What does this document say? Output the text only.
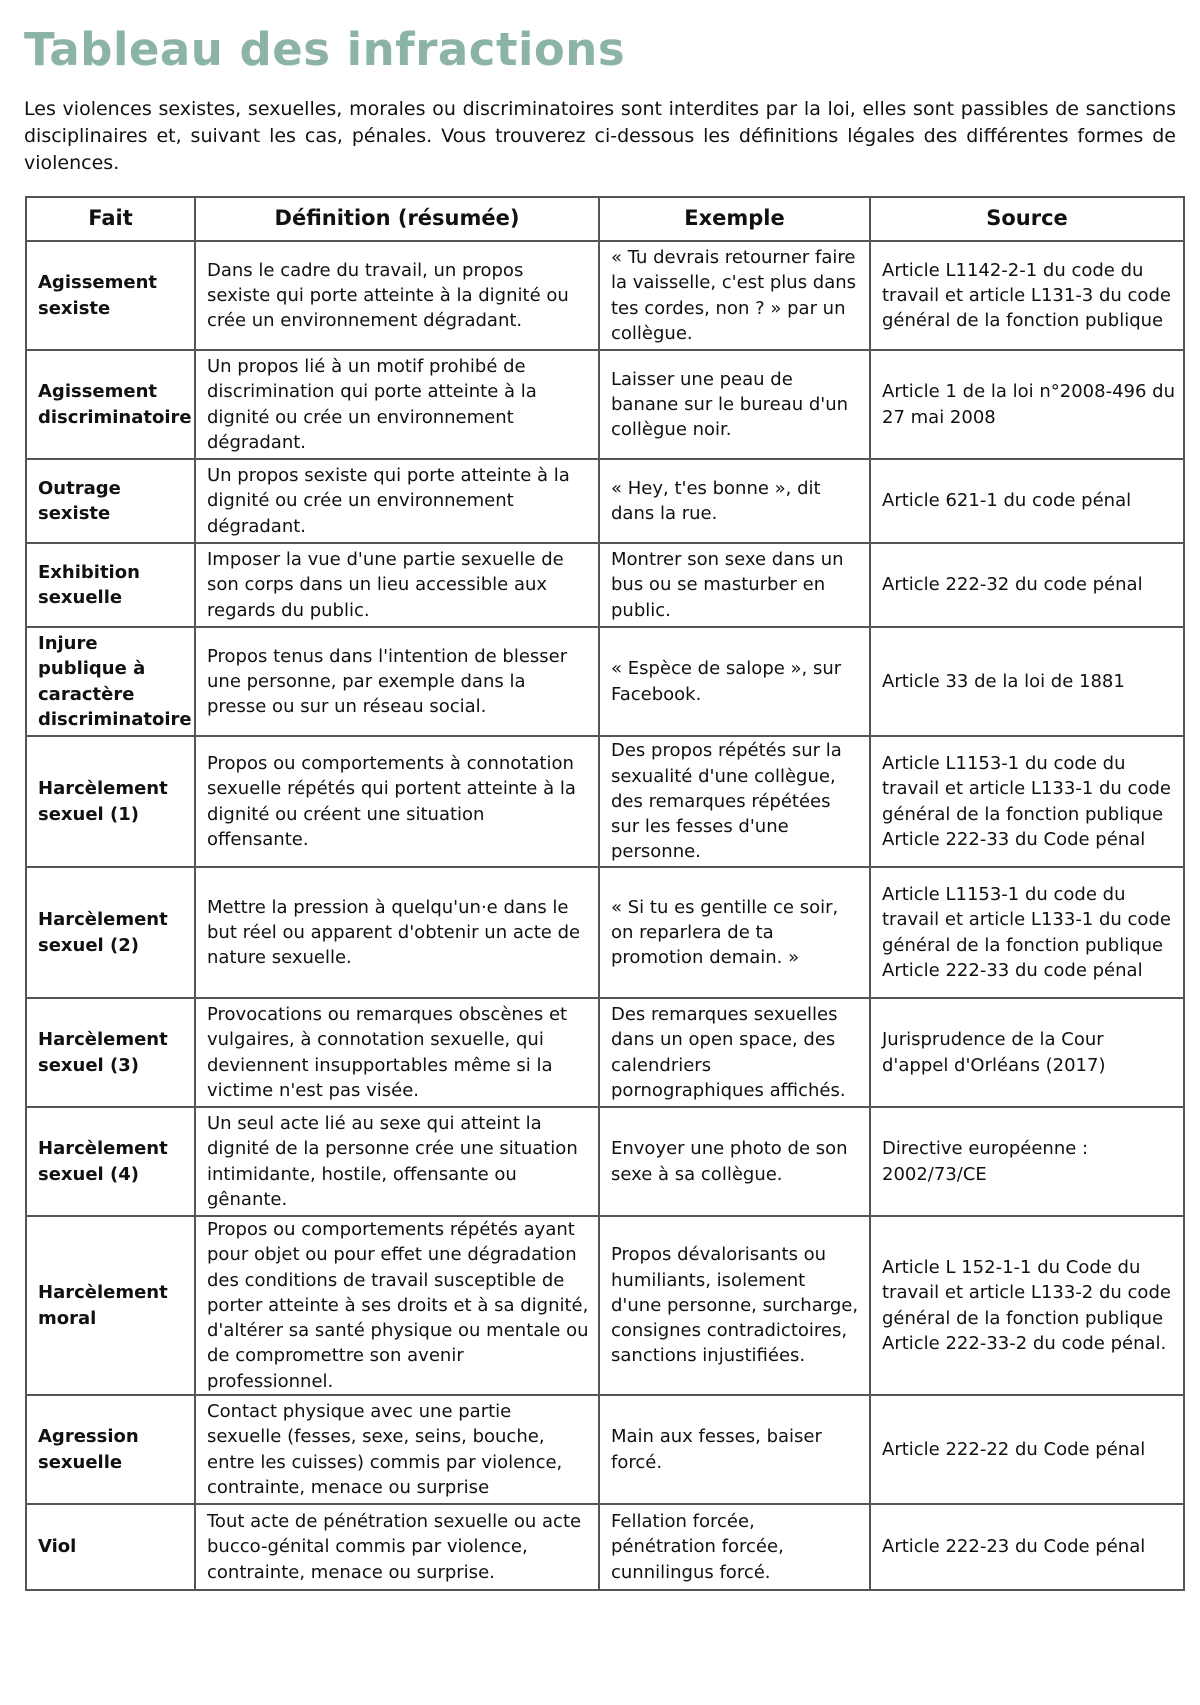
Tableau des infractions

Les violences sexistes, sexuelles, morales ou discriminatoires sont interdites par la loi, elles sont passibles de sanctions disciplinaires et, suivant les cas, pénales. Vous trouverez ci-dessous les définitions légales des différentes formes de violences.

Fait	Définition (résumée)	Exemple	Source
Agissement sexiste	Dans le cadre du travail, un propos sexiste qui porte atteinte à la dignité ou crée un environnement dégradant.	« Tu devrais retourner faire la vaisselle, c'est plus dans tes cordes, non ? » par un collègue.	Article L1142-2-1 du code du travail et article L131-3 du code général de la fonction publique
Agissement discriminatoire	Un propos lié à un motif prohibé de discrimination qui porte atteinte à la dignité ou crée un environnement dégradant.	Laisser une peau de banane sur le bureau d'un collègue noir.	Article 1 de la loi n°2008-496 du 27 mai 2008
Outrage sexiste	Un propos sexiste qui porte atteinte à la dignité ou crée un environnement dégradant.	« Hey, t'es bonne », dit dans la rue.	Article 621-1 du code pénal
Exhibition sexuelle	Imposer la vue d'une partie sexuelle de son corps dans un lieu accessible aux regards du public.	Montrer son sexe dans un bus ou se masturber en public.	Article 222-32 du code pénal
Injure publique à caractère discriminatoire	Propos tenus dans l'intention de blesser une personne, par exemple dans la presse ou sur un réseau social.	« Espèce de salope », sur Facebook.	Article 33 de la loi de 1881
Harcèlement sexuel (1)	Propos ou comportements à connotation sexuelle répétés qui portent atteinte à la dignité ou créent une situation offensante.	Des propos répétés sur la sexualité d'une collègue, des remarques répétées sur les fesses d'une personne.	Article L1153-1 du code du travail et article L133-1 du code général de la fonction publique
Article 222-33 du Code pénal
Harcèlement sexuel (2)	Mettre la pression à quelqu'un·e dans le but réel ou apparent d'obtenir un acte de nature sexuelle.	« Si tu es gentille ce soir, on reparlera de ta promotion demain. »	Article L1153-1 du code du travail et article L133-1 du code général de la fonction publique
Article 222-33 du code pénal
Harcèlement sexuel (3)	Provocations ou remarques obscènes et vulgaires, à connotation sexuelle, qui deviennent insupportables même si la victime n'est pas visée.	Des remarques sexuelles dans un open space, des calendriers pornographiques affichés.	Jurisprudence de la Cour d'appel d'Orléans (2017)
Harcèlement sexuel (4)	Un seul acte lié au sexe qui atteint la dignité de la personne crée une situation intimidante, hostile, offensante ou gênante.	Envoyer une photo de son sexe à sa collègue.	Directive européenne : 2002/73/CE
Harcèlement moral	Propos ou comportements répétés ayant pour objet ou pour effet une dégradation des conditions de travail susceptible de porter atteinte à ses droits et à sa dignité, d'altérer sa santé physique ou mentale ou de compromettre son avenir professionnel.	Propos dévalorisants ou humiliants, isolement d'une personne, surcharge, consignes contradictoires, sanctions injustifiées.	Article L 152-1-1 du Code du travail et article L133-2 du code général de la fonction publique
Article 222-33-2 du code pénal.
Agression sexuelle	Contact physique avec une partie sexuelle (fesses, sexe, seins, bouche, entre les cuisses) commis par violence, contrainte, menace ou surprise	Main aux fesses, baiser forcé.	Article 222-22 du Code pénal
Viol	Tout acte de pénétration sexuelle ou acte bucco-génital commis par violence, contrainte, menace ou surprise.	Fellation forcée, pénétration forcée, cunnilingus forcé.	Article 222-23 du Code pénal
